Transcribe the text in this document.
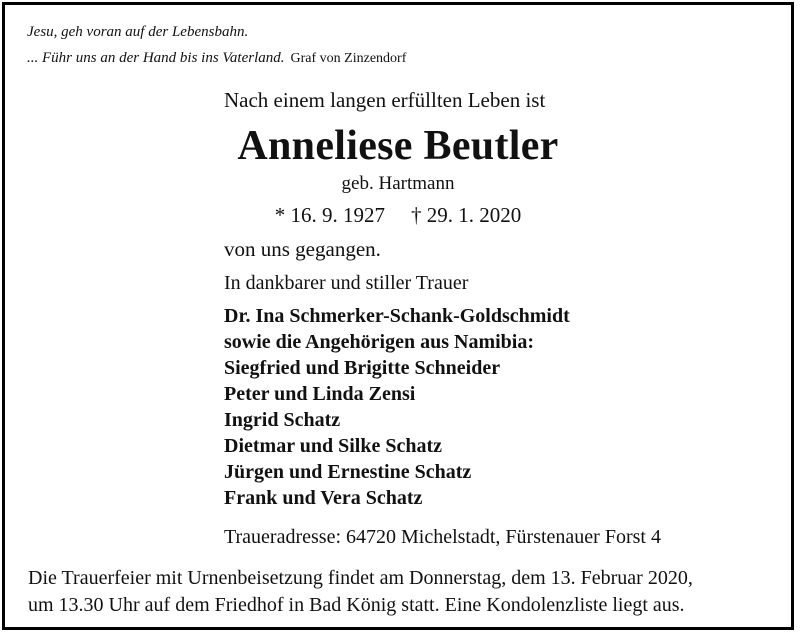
Jesu, geh voran auf der Lebensbahn.
... Führ uns an der Hand bis ins Vaterland. Graf von Zinzendorf
Nach einem langen erfüllten Leben ist
Anneliese Beutler
geb. Hartmann
* 16. 9. 1927 † 29. 1. 2020
von uns gegangen.
In dankbarer und stiller Trauer
Dr. Ina Schmerker-Schank-Goldschmidt
sowie die Angehörigen aus Namibia:
Siegfried und Brigitte Schneider
Peter und Linda Zensi
Ingrid Schatz
Dietmar und Silke Schatz
Jürgen und Ernestine Schatz
Frank und Vera Schatz
Traueradresse: 64720 Michelstadt, Fürstenauer Forst 4
Die Trauerfeier mit Urnenbeisetzung findet am Donnerstag, dem 13. Februar 2020,
um 13.30 Uhr auf dem Friedhof in Bad König statt. Eine Kondolenzliste liegt aus.
